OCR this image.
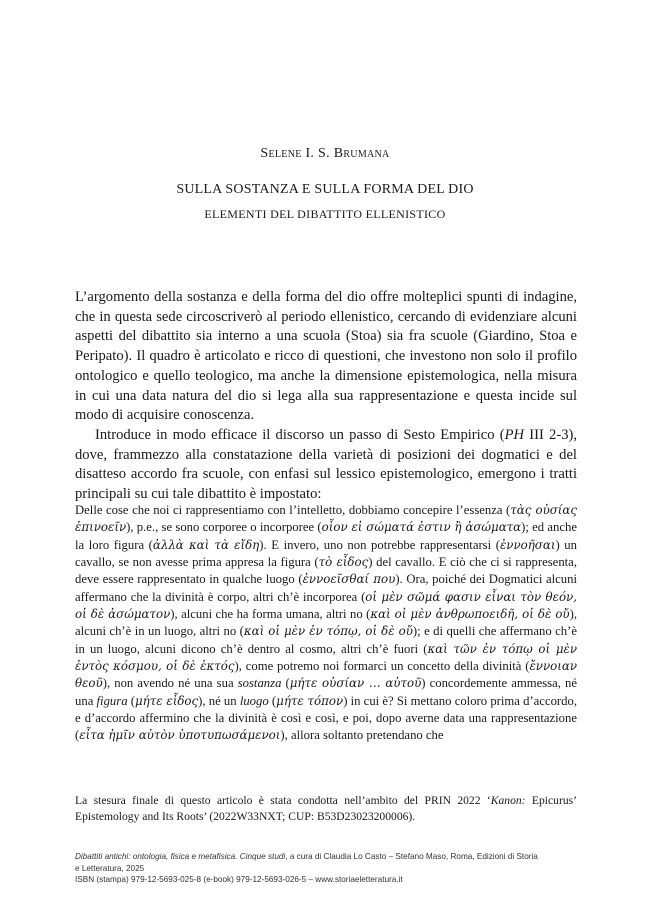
Selene I. S. Brumana
SULLA SOSTANZA E SULLA FORMA DEL DIO
ELEMENTI DEL DIBATTITO ELLENISTICO

L’argomento della sostanza e della forma del dio offre molteplici spunti di indagine, che in questa sede circoscriverò al periodo ellenistico, cercando di evidenziare alcuni aspetti del dibattito sia interno a una scuola (Stoa) sia fra scuole (Giardino, Stoa e Peripato). Il quadro è articolato e ricco di questioni, che investono non solo il profilo ontologico e quello teologico, ma anche la dimensione epistemologica, nella misura in cui una data natura del dio si lega alla sua rappresentazione e questa incide sul modo di acquisire conoscenza.

Introduce in modo efficace il discorso un passo di Sesto Empirico (PH III 2-3), dove, frammezzo alla constatazione della varietà di posizioni dei dogmatici e del disatteso accordo fra scuole, con enfasi sul lessico epistemologico, emergono i tratti principali su cui tale dibattito è impostato:

Delle cose che noi ci rappresentiamo con l’intelletto, dobbiamo concepire l’essenza (τὰς οὐσίας ἐπινοεῖν), p.e., se sono corporee o incorporee (οἷον εἰ σώματά ἐστιν ἢ ἀσώματα); ed anche la loro figura (ἀλλὰ καὶ τὰ εἴδη). E invero, uno non potrebbe rappresentarsi (ἐννοῆσαι) un cavallo, se non avesse prima appresa la figura (τὸ εἶδος) del cavallo. E ciò che ci si rappresenta, deve essere rappresentato in qualche luogo (ἐννοεῖσθαί που). Ora, poiché dei Dogmatici alcuni affermano che la divinità è corpo, altri ch’è incorporea (οἱ μὲν σῶμά φασιν εἶναι τὸν θεόν, οἱ δὲ ἀσώματον), alcuni che ha forma umana, altri no (καὶ οἱ μὲν ἀνθρωποειδῆ, οἱ δὲ οὔ), alcuni ch’è in un luogo, altri no (καὶ οἱ μὲν ἐν τόπῳ, οἱ δὲ οὔ); e di quelli che affermano ch’è in un luogo, alcuni dicono ch’è dentro al cosmo, altri ch’è fuori (καὶ τῶν ἐν τόπῳ οἱ μὲν ἐντὸς κόσμου, οἱ δὲ ἐκτός), come potremo noi formarci un concetto della divinità (ἔννοιαν θεοῦ), non avendo né una sua sostanza (μήτε οὐσίαν … αὐτοῦ) concordemente ammessa, né una figura (μήτε εἶδος), né un luogo (μήτε τόπον) in cui è? Si mettano coloro prima d’accordo, e d’accordo affermino che la divinità è così e così, e poi, dopo averne data una rappresentazione (εἶτα ἡμῖν αὐτὸν ὑποτυπωσάμενοι), allora soltanto pretendano che

La stesura finale di questo articolo è stata condotta nell’ambito del PRIN 2022 ‘Kanon: Epicurus’ Epistemology and Its Roots’ (2022W33NXT; CUP: B53D23023200006).
Dibattiti antichi: ontologia, fisica e metafisica. Cinque studi, a cura di Claudia Lo Casto – Stefano Maso, Roma, Edizioni di Storia
e Letteratura, 2025
ISBN (stampa) 979-12-5693-025-8 (e-book) 979-12-5693-026-5 – www.storiaeletteratura.it
